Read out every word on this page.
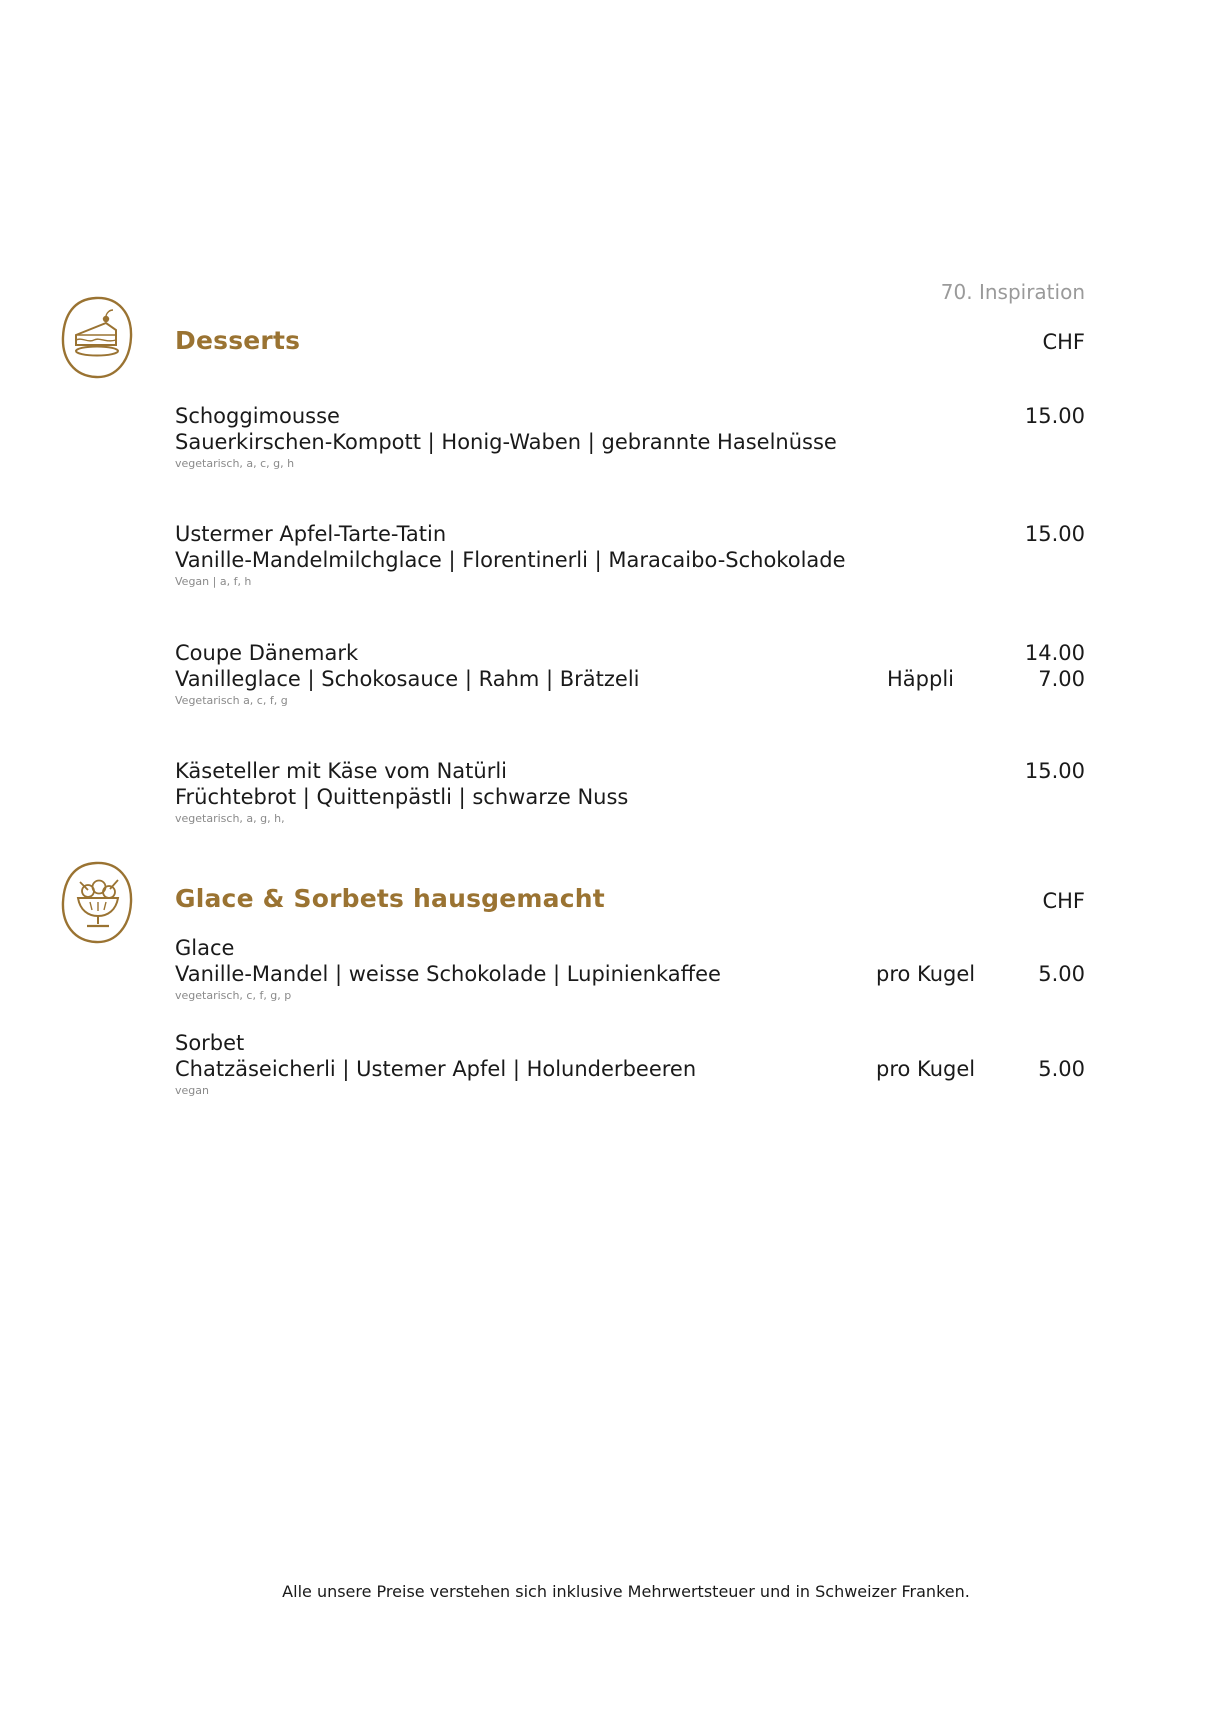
70. Inspiration
Desserts	CHF
Schoggimousse	15.00
Sauerkirschen-Kompott | Honig-Waben | gebrannte Haselnüsse
vegetarisch, a, c, g, h
Ustermer Apfel-Tarte-Tatin	15.00
Vanille-Mandelmilchglace | Florentinerli | Maracaibo-Schokolade
Vegan | a, f, h
Coupe Dänemark	14.00
Vanilleglace | Schokosauce | Rahm | Brätzeli	Häppli	7.00
Vegetarisch a, c, f, g
Käseteller mit Käse vom Natürli	15.00
Früchtebrot | Quittenpästli | schwarze Nuss
vegetarisch, a, g, h,
Glace & Sorbets hausgemacht	CHF
Glace
Vanille-Mandel | weisse Schokolade | Lupinienkaffee	pro Kugel	5.00
vegetarisch, c, f, g, p
Sorbet
Chatzäseicherli | Ustemer Apfel | Holunderbeeren	pro Kugel	5.00
vegan
Alle unsere Preise verstehen sich inklusive Mehrwertsteuer und in Schweizer Franken.
